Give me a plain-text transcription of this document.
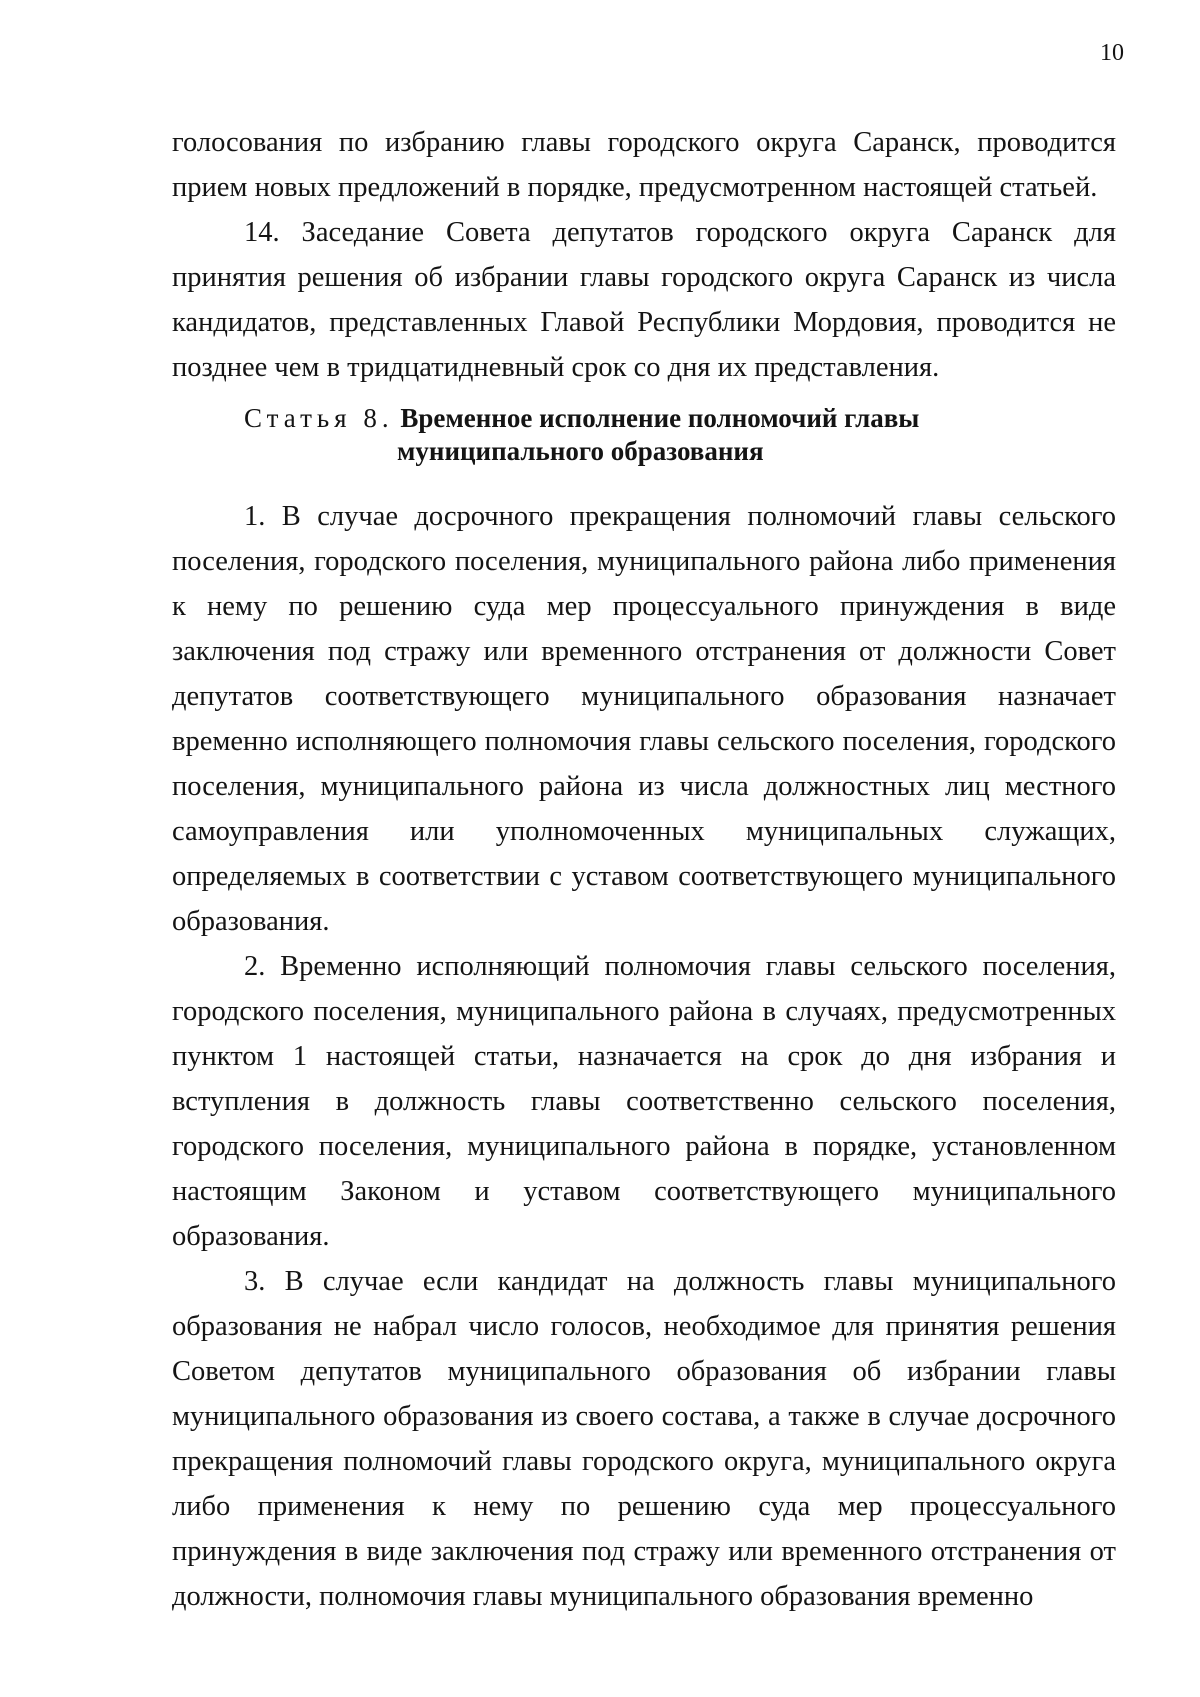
10

голосования по избранию главы городского округа Саранск, проводится прием новых предложений в порядке, предусмотренном настоящей статьей.

14. Заседание Совета депутатов городского округа Саранск для принятия решения об избрании главы городского округа Саранск из числа кандидатов, представленных Главой Республики Мордовия, проводится не позднее чем в тридцатидневный срок со дня их представления.

Статья 8. Временное исполнение полномочий главы
муниципального образования

1. В случае досрочного прекращения полномочий главы сельского поселения, городского поселения, муниципального района либо применения к нему по решению суда мер процессуального принуждения в виде заключения под стражу или временного отстранения от должности Совет депутатов соответствующего муниципального образования назначает временно исполняющего полномочия главы сельского поселения, городского поселения, муниципального района из числа должностных лиц местного самоуправления или уполномоченных муниципальных служащих, определяемых в соответствии с уставом соответствующего муниципального образования.

2. Временно исполняющий полномочия главы сельского поселения, городского поселения, муниципального района в случаях, предусмотренных пунктом 1 настоящей статьи, назначается на срок до дня избрания и вступления в должность главы соответственно сельского поселения, городского поселения, муниципального района в порядке, установленном настоящим Законом и уставом соответствующего муниципального образования.

3. В случае если кандидат на должность главы муниципального образования не набрал число голосов, необходимое для принятия решения Советом депутатов муниципального образования об избрании главы муниципального образования из своего состава, а также в случае досрочного прекращения полномочий главы городского округа, муниципального округа либо применения к нему по решению суда мер процессуального принуждения в виде заключения под стражу или временного отстранения от должности, полномочия главы муниципального образования временно
